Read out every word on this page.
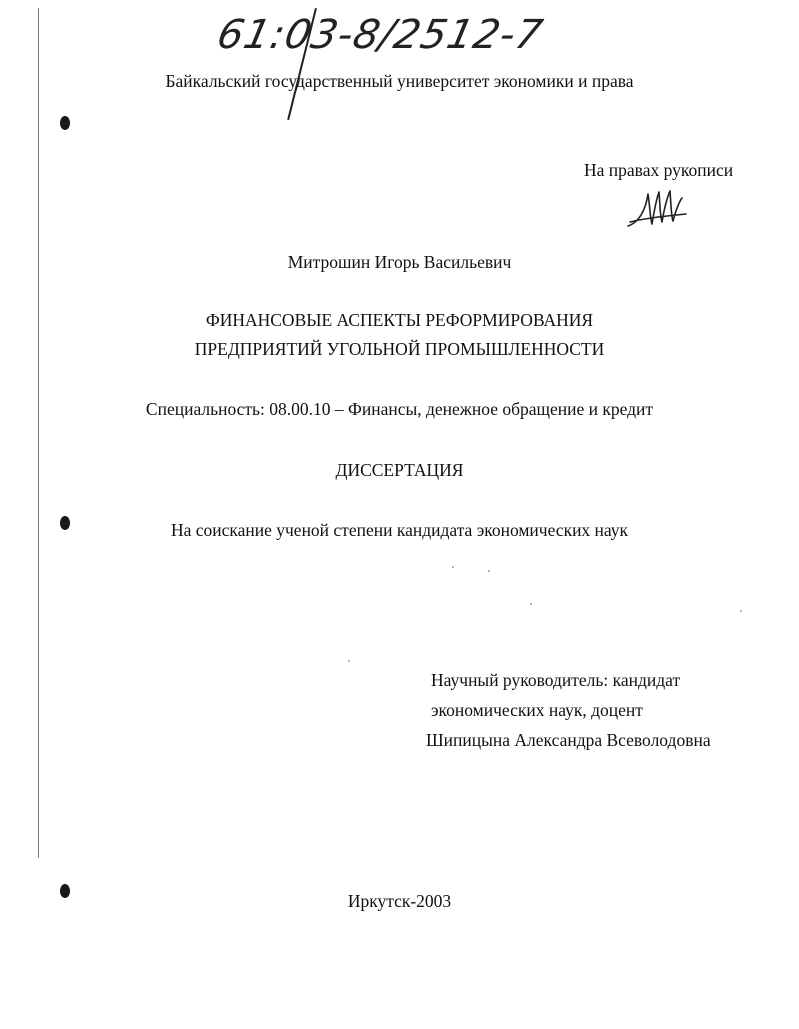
61:03-8/2512-7
Байкальский государственный университет экономики и права
На правах рукописи
Митрошин Игорь Васильевич
ФИНАНСОВЫЕ АСПЕКТЫ РЕФОРМИРОВАНИЯ
ПРЕДПРИЯТИЙ УГОЛЬНОЙ ПРОМЫШЛЕННОСТИ
Специальность: 08.00.10 – Финансы, денежное обращение и кредит
ДИССЕРТАЦИЯ
На соискание ученой степени кандидата экономических наук
Научный руководитель: кандидат
экономических наук, доцент
Шипицына Александра Всеволодовна
Иркутск-2003
